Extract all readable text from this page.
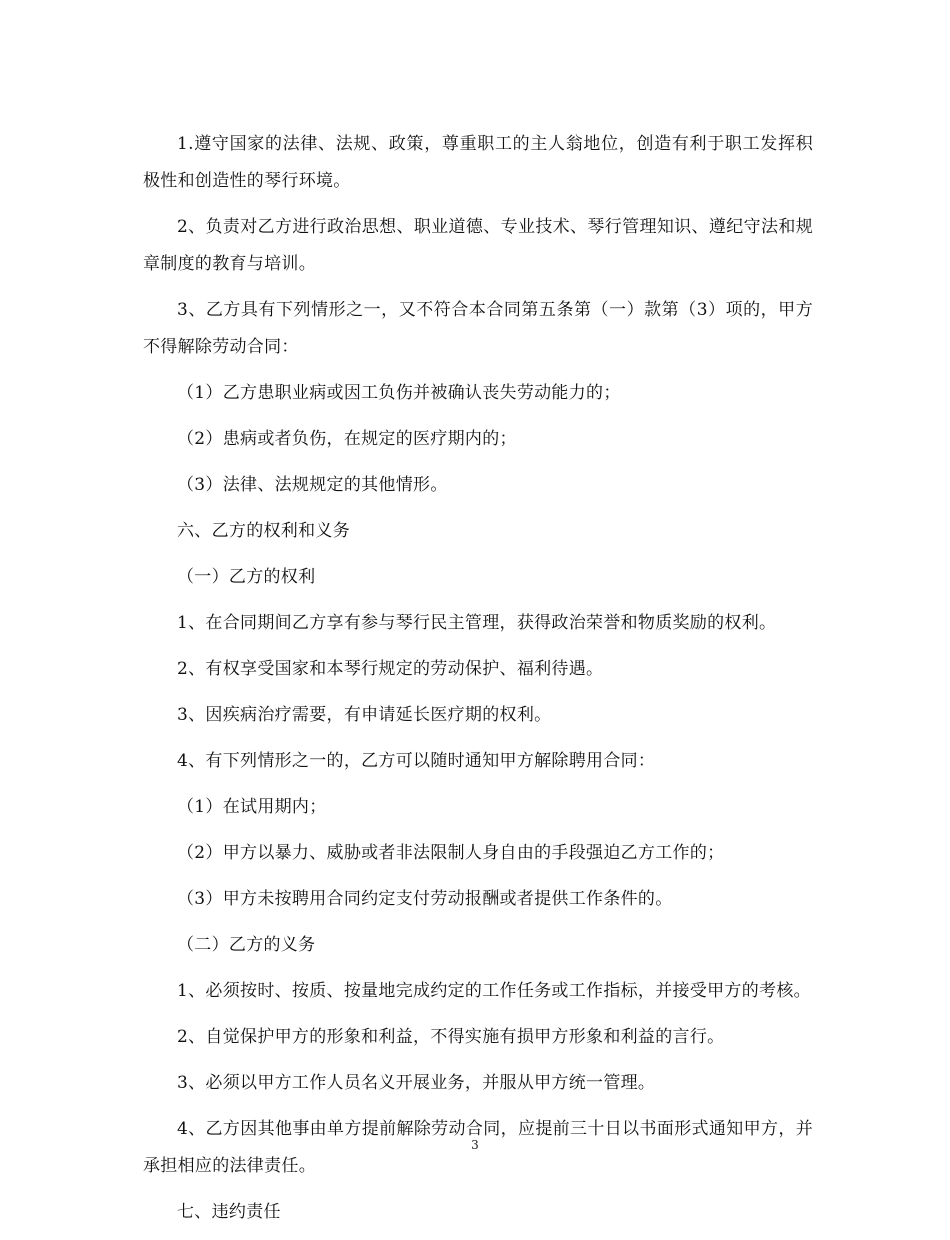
1.遵守国家的法律、法规、政策，尊重职工的主人翁地位，创造有利于职工发挥积极性和创造性的琴行环境。

2、负责对乙方进行政治思想、职业道德、专业技术、琴行管理知识、遵纪守法和规章制度的教育与培训。

3、乙方具有下列情形之一，又不符合本合同第五条第（一）款第（3）项的，甲方不得解除劳动合同：

（1）乙方患职业病或因工负伤并被确认丧失劳动能力的；

（2）患病或者负伤，在规定的医疗期内的；

（3）法律、法规规定的其他情形。

六、乙方的权利和义务

（一）乙方的权利

1、在合同期间乙方享有参与琴行民主管理，获得政治荣誉和物质奖励的权利。

2、有权享受国家和本琴行规定的劳动保护、福利待遇。

3、因疾病治疗需要，有申请延长医疗期的权利。

4、有下列情形之一的，乙方可以随时通知甲方解除聘用合同：

（1）在试用期内；

（2）甲方以暴力、威胁或者非法限制人身自由的手段强迫乙方工作的；

（3）甲方未按聘用合同约定支付劳动报酬或者提供工作条件的。

（二）乙方的义务

1、必须按时、按质、按量地完成约定的工作任务或工作指标，并接受甲方的考核。

2、自觉保护甲方的形象和利益，不得实施有损甲方形象和利益的言行。

3、必须以甲方工作人员名义开展业务，并服从甲方统一管理。

4、乙方因其他事由单方提前解除劳动合同，应提前三十日以书面形式通知甲方，并承担相应的法律责任。

七、违约责任

3
